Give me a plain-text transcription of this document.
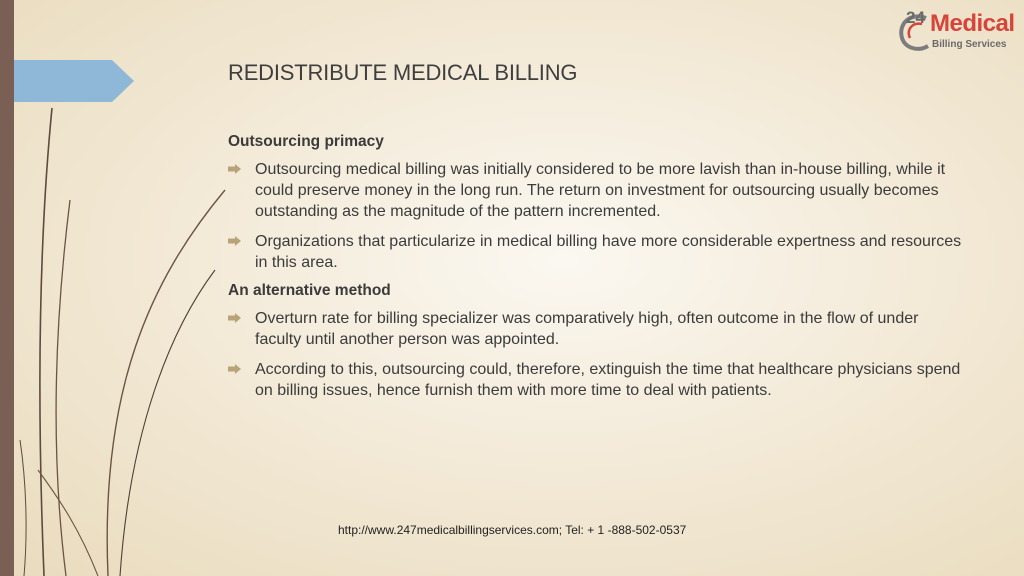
24 Medical
Billing Services
REDISTRIBUTE MEDICAL BILLING
Outsourcing primacy
Outsourcing medical billing was initially considered to be more lavish than in-house billing, while it could preserve money in the long run. The return on investment for outsourcing usually becomes outstanding as the magnitude of the pattern incremented.
Organizations that particularize in medical billing have more considerable expertness and resources in this area.
An alternative method
Overturn rate for billing specializer was comparatively high, often outcome in the flow of under faculty until another person was appointed.
According to this, outsourcing could, therefore, extinguish the time that healthcare physicians spend on billing issues, hence furnish them with more time to deal with patients.
http://www.247medicalbillingservices.com; Tel: + 1 -888-502-0537
